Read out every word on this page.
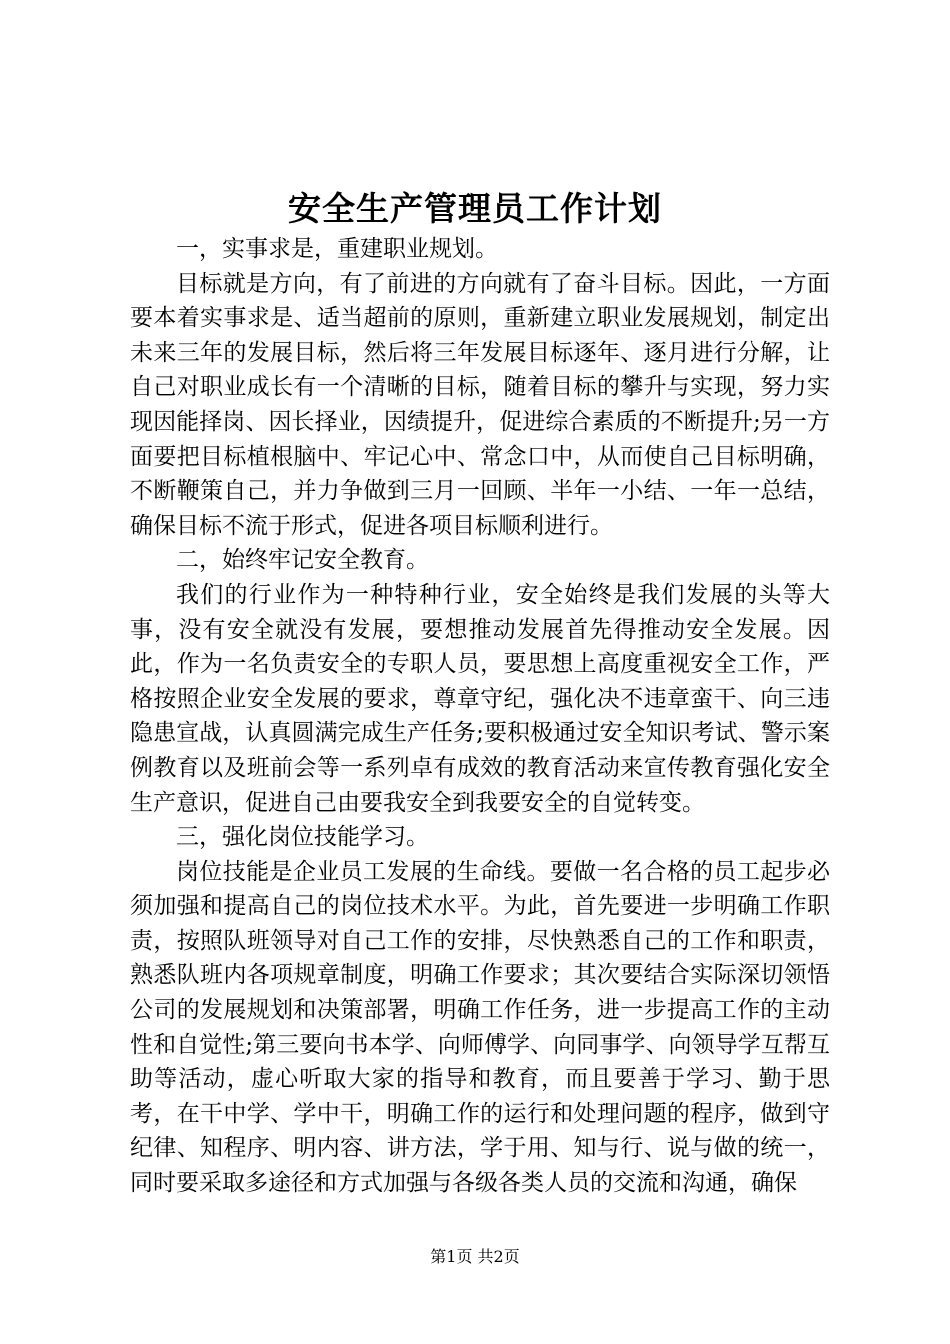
安全生产管理员工作计划

一，实事求是，重建职业规划。

目标就是方向，有了前进的方向就有了奋斗目标。因此，一方面要本着实事求是、适当超前的原则，重新建立职业发展规划，制定出未来三年的发展目标，然后将三年发展目标逐年、逐月进行分解，让自己对职业成长有一个清晰的目标，随着目标的攀升与实现，努力实现因能择岗、因长择业，因绩提升，促进综合素质的不断提升;另一方面要把目标植根脑中、牢记心中、常念口中，从而使自己目标明确，不断鞭策自己，并力争做到三月一回顾、半年一小结、一年一总结，确保目标不流于形式，促进各项目标顺利进行。

二，始终牢记安全教育。

我们的行业作为一种特种行业，安全始终是我们发展的头等大事，没有安全就没有发展，要想推动发展首先得推动安全发展。因此，作为一名负责安全的专职人员，要思想上高度重视安全工作，严格按照企业安全发展的要求，尊章守纪，强化决不违章蛮干、向三违隐患宣战，认真圆满完成生产任务;要积极通过安全知识考试、警示案例教育以及班前会等一系列卓有成效的教育活动来宣传教育强化安全生产意识，促进自己由要我安全到我要安全的自觉转变。

三，强化岗位技能学习。

岗位技能是企业员工发展的生命线。要做一名合格的员工起步必须加强和提高自己的岗位技术水平。为此，首先要进一步明确工作职责，按照队班领导对自己工作的安排，尽快熟悉自己的工作和职责，熟悉队班内各项规章制度，明确工作要求；其次要结合实际深切领悟公司的发展规划和决策部署，明确工作任务，进一步提高工作的主动性和自觉性;第三要向书本学、向师傅学、向同事学、向领导学互帮互助等活动，虚心听取大家的指导和教育，而且要善于学习、勤于思考，在干中学、学中干，明确工作的运行和处理问题的程序，做到守纪律、知程序、明内容、讲方法，学于用、知与行、说与做的统一，同时要采取多途径和方式加强与各级各类人员的交流和沟通，确保

第1页 共2页
